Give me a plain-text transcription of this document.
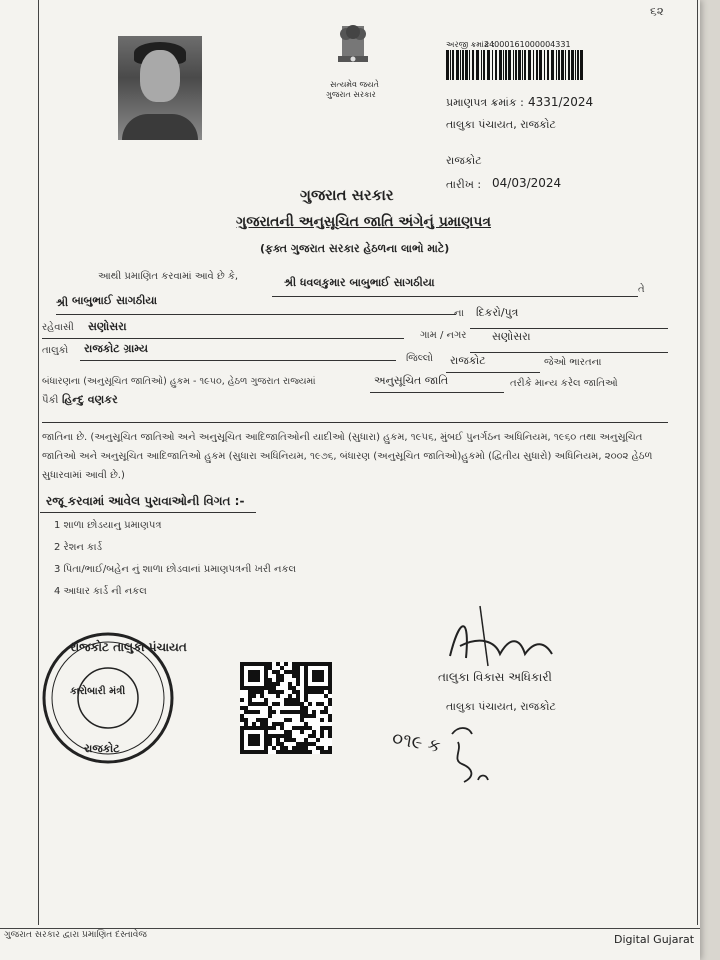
૬૨
સત્યમેવ જયતે
ગુજરાત સરકાર
અરજી ક્રમાંક :
24000161000004331
પ્રમાણપત્ર ક્રમાંક : 4331/2024
તાલુકા પંચાયત, રાજકોટ
રાજકોટ
તારીખ : 04/03/2024
ગુજરાત સરકાર
ગુજરાતની અનુસૂચિત જાતિ અંગેનું પ્રમાણપત્ર
(ફક્ત ગુજરાત સરકાર હેઠળના લાભો માટે)
આથી પ્રમાણિત કરવામાં આવે છે કે,	શ્રી ધવલકુમાર બાબુભાઈ સાગઠીયા
તે
શ્રી બાબુભાઈ સાગઠીયા
ના દિકરો/પુત્ર
રહેવાસી સણોસરા
ગામ / નગર સણોસરા
તાલુકો રાજકોટ ગ્રામ્ય
જિલ્લો રાજકોટ	જેઓ ભારતના
બંધારણના (અનુસૂચિત જાતિઓ) હુકમ - ૧૯૫૦, હેઠળ ગુજરાત રાજ્યમાં	અનુસૂચિત જાતિ	તરીકે માન્ય કરેલ જાતિઓ
પૈકી હિન્દુ વણકર
જાતિના છે. (અનુસૂચિત જાતિઓ અને અનુસૂચિત આદિજાતિઓની યાદીઓ (સુધારા) હુકમ, ૧૯૫૬, મુંબઈ પુનર્ગઠન અધિનિયમ, ૧૯૬૦ તથા અનુસૂચિત જાતિઓ અને અનુસૂચિત આદિજાતિઓ હુકમ (સુધારા અધિનિયમ, ૧૯૭૬, બંધારણ (અનુસૂચિત જાતિઓ)હુકમો (દ્વિતીય સુધારો) અધિનિયમ, ૨૦૦૨ હેઠળ સુધારવામાં આવી છે.)
રજૂ કરવામાં આવેલ પુરાવાઓની વિગત :-
1 શાળા છોડયાનુ પ્રમાણપત્ર
2 રેશન કાર્ડ
3 પિતા/ભાઈ/બહેન નું શાળા છોડવાનાં પ્રમાણપત્રની ખરી નકલ
4 આધાર કાર્ડ ની નકલ
રાજકોટ તાલુકા પંચાયત
કારોબારી મંત્રી
રાજકોટ
તાલુકા વિકાસ અધિકારી
તાલુકા પંચાયત, રાજકોટ
૦૧૯ ક
ગુજરાત સરકાર દ્વારા પ્રમાણિત દસ્તાવેજ	Digital Gujarat
